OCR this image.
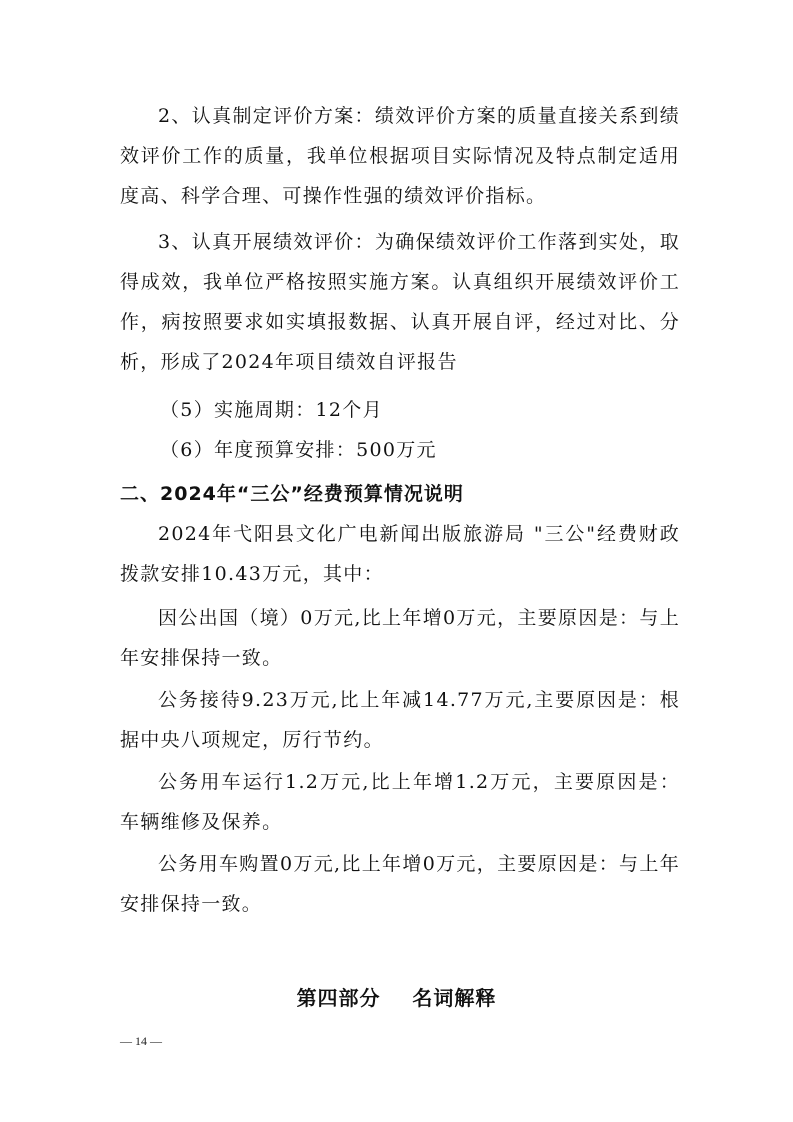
2、认真制定评价方案：绩效评价方案的质量直接关系到绩效评价工作的质量，我单位根据项目实际情况及特点制定适用度高、科学合理、可操作性强的绩效评价指标。

3、认真开展绩效评价：为确保绩效评价工作落到实处，取得成效，我单位严格按照实施方案。认真组织开展绩效评价工作，病按照要求如实填报数据、认真开展自评，经过对比、分析，形成了2024年项目绩效自评报告

（5）实施周期：12个月

（6）年度预算安排：500万元

二、2024年“三公”经费预算情况说明

2024年弋阳县文化广电新闻出版旅游局 "三公"经费财政拨款安排10.43万元，其中：

因公出国（境）0万元,比上年增0万元，主要原因是：与上年安排保持一致。

公务接待9.23万元,比上年减14.77万元,主要原因是：根据中央八项规定，厉行节约。

公务用车运行1.2万元,比上年增1.2万元，主要原因是：车辆维修及保养。

公务用车购置0万元,比上年增0万元，主要原因是：与上年安排保持一致。

第四部分    名词解释
— 14 —
